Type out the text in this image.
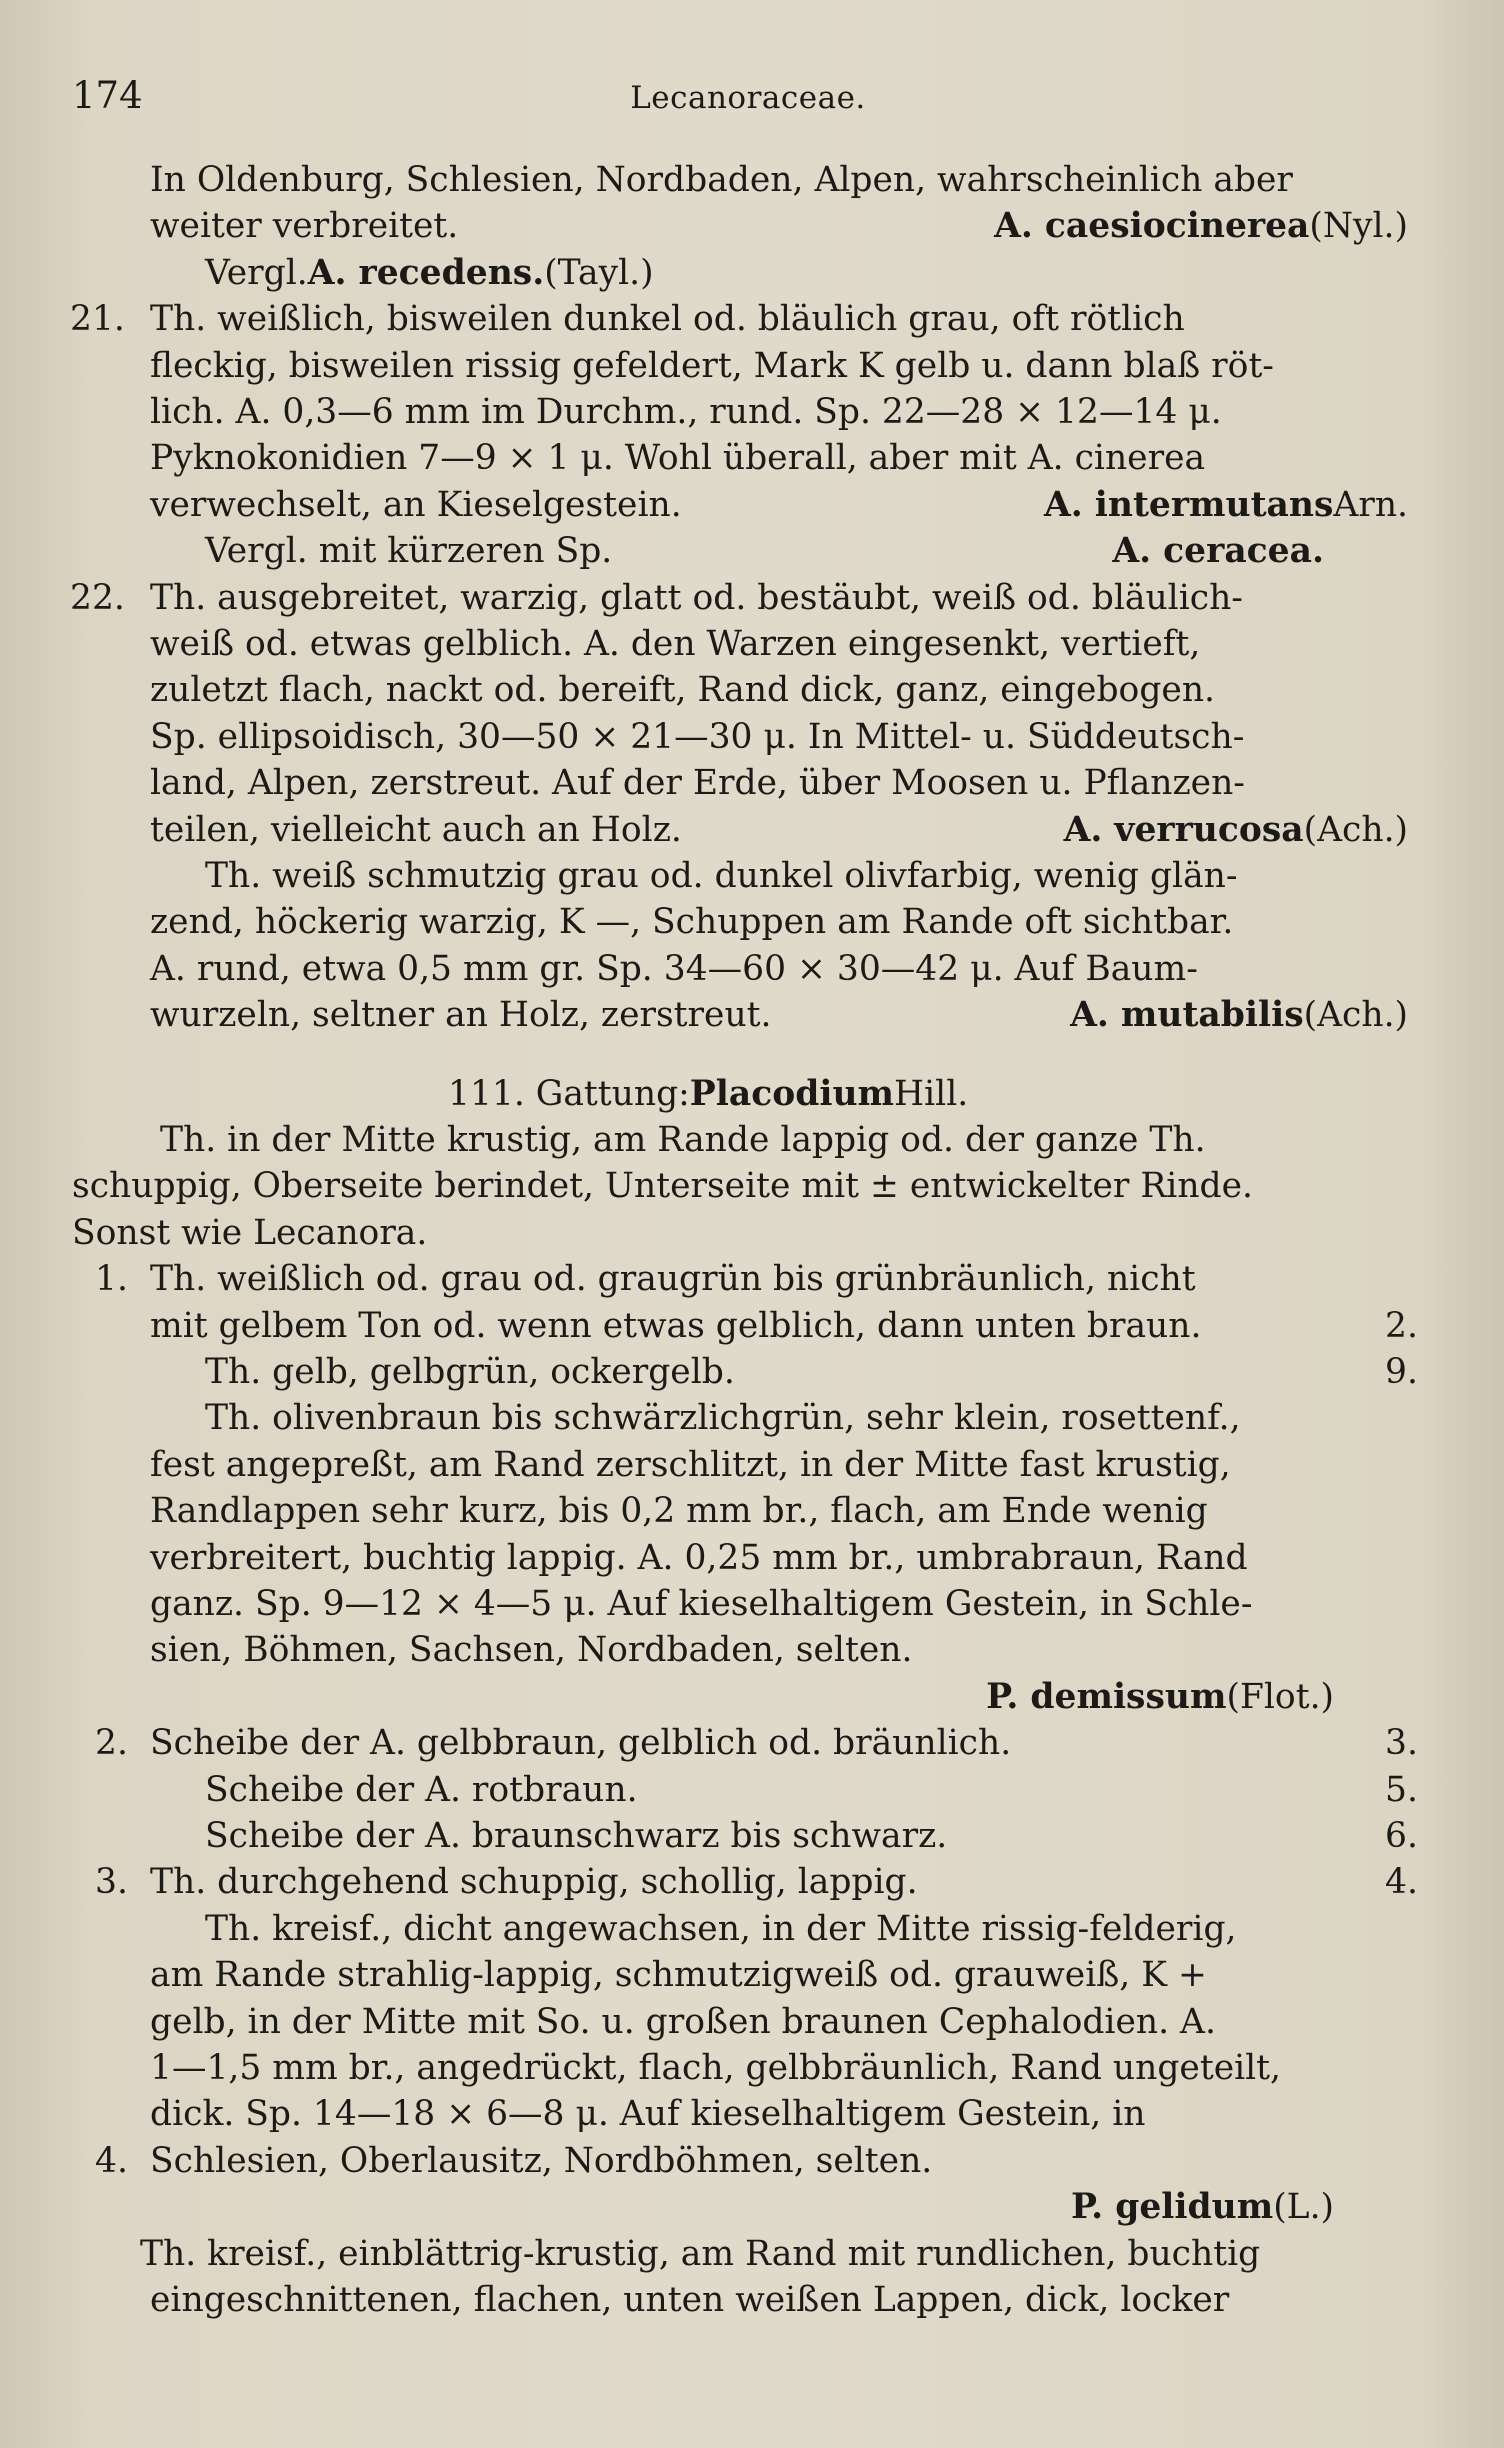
174	Lecanoraceae.
In Oldenburg, Schlesien, Nordbaden, Alpen, wahrscheinlich aber
weiter verbreitet.	A. caesiocinerea(Nyl.)
Vergl.A. recedens.(Tayl.)
21. Th. weißlich, bisweilen dunkel od. bläulich grau, oft rötlich
fleckig, bisweilen rissig gefeldert, Mark K gelb u. dann blaß röt-
lich. A. 0,3—6 mm im Durchm., rund. Sp. 22—28 × 12—14 μ.
Pyknokonidien 7—9 × 1 μ. Wohl überall, aber mit A. cinerea
verwechselt, an Kieselgestein.	A. intermutansArn.
Vergl. mit kürzeren Sp.	A. ceracea.
22. Th. ausgebreitet, warzig, glatt od. bestäubt, weiß od. bläulich-
weiß od. etwas gelblich. A. den Warzen eingesenkt, vertieft,
zuletzt flach, nackt od. bereift, Rand dick, ganz, eingebogen.
Sp. ellipsoidisch, 30—50 × 21—30 μ. In Mittel- u. Süddeutsch-
land, Alpen, zerstreut. Auf der Erde, über Moosen u. Pflanzen-
teilen, vielleicht auch an Holz.	A. verrucosa(Ach.)
Th. weiß schmutzig grau od. dunkel olivfarbig, wenig glän-
zend, höckerig warzig, K —, Schuppen am Rande oft sichtbar.
A. rund, etwa 0,5 mm gr. Sp. 34—60 × 30—42 μ. Auf Baum-
wurzeln, seltner an Holz, zerstreut.	A. mutabilis(Ach.)
111. Gattung:PlacodiumHill.
Th. in der Mitte krustig, am Rande lappig od. der ganze Th.
schuppig, Oberseite berindet, Unterseite mit ± entwickelter Rinde.
Sonst wie Lecanora.
1. Th. weißlich od. grau od. graugrün bis grünbräunlich, nicht
mit gelbem Ton od. wenn etwas gelblich, dann unten braun.	2.
Th. gelb, gelbgrün, ockergelb.	9.
Th. olivenbraun bis schwärzlichgrün, sehr klein, rosettenf.,
fest angepreßt, am Rand zerschlitzt, in der Mitte fast krustig,
Randlappen sehr kurz, bis 0,2 mm br., flach, am Ende wenig
verbreitert, buchtig lappig. A. 0,25 mm br., umbrabraun, Rand
ganz. Sp. 9—12 × 4—5 μ. Auf kieselhaltigem Gestein, in Schle-
sien, Böhmen, Sachsen, Nordbaden, selten.
P. demissum(Flot.)
2. Scheibe der A. gelbbraun, gelblich od. bräunlich.	3.
Scheibe der A. rotbraun.	5.
Scheibe der A. braunschwarz bis schwarz.	6.
3. Th. durchgehend schuppig, schollig, lappig.	4.
Th. kreisf., dicht angewachsen, in der Mitte rissig-felderig,
am Rande strahlig-lappig, schmutzigweiß od. grauweiß, K +
gelb, in der Mitte mit So. u. großen braunen Cephalodien. A.
1—1,5 mm br., angedrückt, flach, gelbbräunlich, Rand ungeteilt,
dick. Sp. 14—18 × 6—8 μ. Auf kieselhaltigem Gestein, in
4. Schlesien, Oberlausitz, Nordböhmen, selten.
P. gelidum(L.)
Th. kreisf., einblättrig-krustig, am Rand mit rundlichen, buchtig
eingeschnittenen, flachen, unten weißen Lappen, dick, locker
